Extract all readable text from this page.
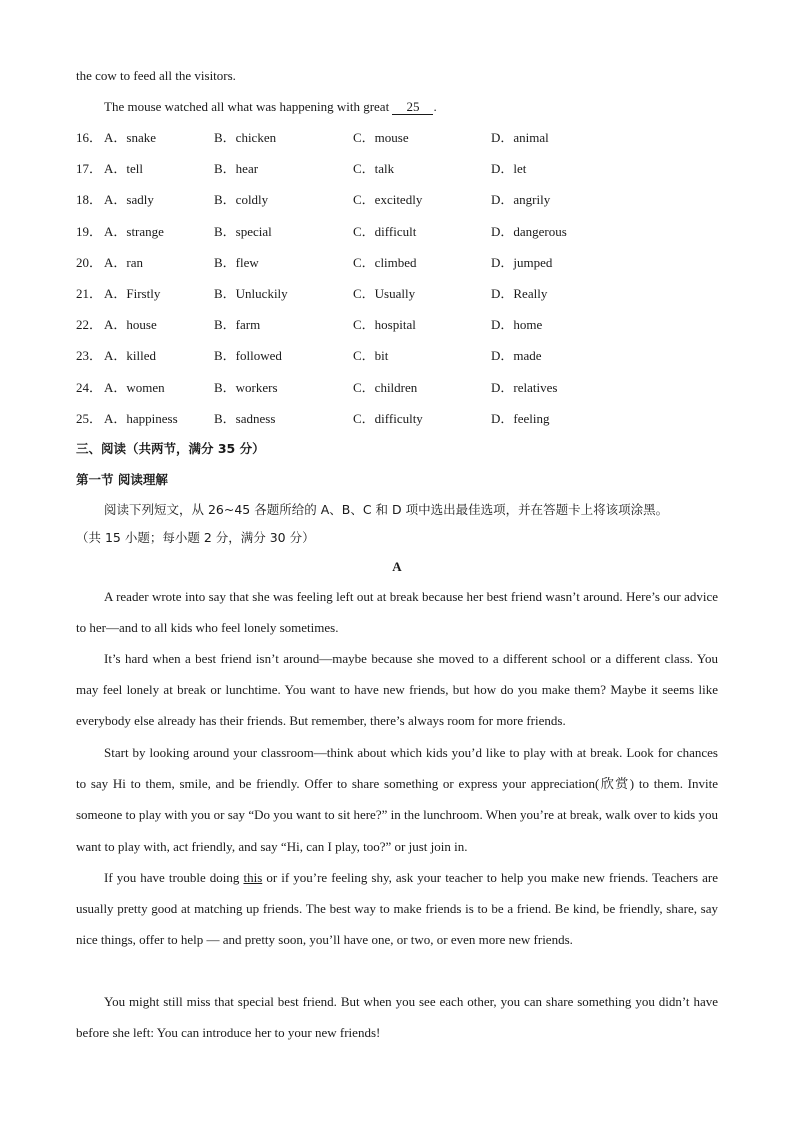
the cow to feed all the visitors.
The mouse watched all what was happening with great 25 .
16． A．snake	B．chicken	C．mouse	D．animal
17． A．tell	B．hear	C．talk	D．let
18． A．sadly	B．coldly	C．excitedly	D．angrily
19． A．strange	B．special	C．difficult	D．dangerous
20． A．ran	B．flew	C．climbed	D．jumped
21． A．Firstly	B．Unluckily	C．Usually	D．Really
22． A．house	B．farm	C．hospital	D．home
23． A．killed	B．followed	C．bit	D．made
24． A．women	B．workers	C．children	D．relatives
25． A．happiness	B．sadness	C．difficulty	D．feeling
三、阅读（共两节，满分 35 分）
第一节 阅读理解
阅读下列短文，从 26~45 各题所给的 A、B、C 和 D 项中选出最佳选项，并在答题卡上将该项涂黑。
（共 15 小题；每小题 2 分，满分 30 分）
A

A reader wrote into say that she was feeling left out at break because her best friend wasn’t around. Here’s our advice to her—and to all kids who feel lonely sometimes.

It’s hard when a best friend isn’t around—maybe because she moved to a different school or a different class. You may feel lonely at break or lunchtime. You want to have new friends, but how do you make them? Maybe it seems like everybody else already has their friends. But remember, there’s always room for more friends.

Start by looking around your classroom—think about which kids you’d like to play with at break. Look for chances to say Hi to them, smile, and be friendly. Offer to share something or express your appreciation(欣赏) to them. Invite someone to play with you or say “Do you want to sit here?” in the lunchroom. When you’re at break, walk over to kids you want to play with, act friendly, and say “Hi, can I play, too?” or just join in.

If you have trouble doing this or if you’re feeling shy, ask your teacher to help you make new friends. Teachers are usually pretty good at matching up friends. The best way to make friends is to be a friend. Be kind, be friendly, share, say nice things, offer to help — and pretty soon, you’ll have one, or two, or even more new friends.

You might still miss that special best friend. But when you see each other, you can share something you didn’t have before she left: You can introduce her to your new friends!
